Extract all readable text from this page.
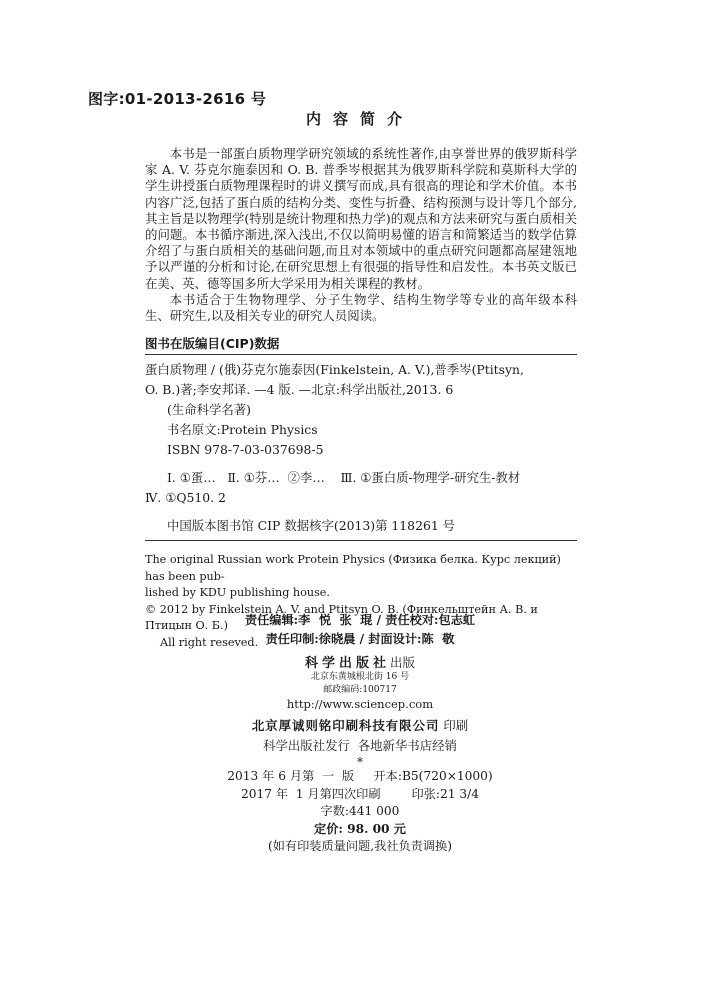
图字:01-2013-2616 号
内容简介

本书是一部蛋白质物理学研究领域的系统性著作,由享誉世界的俄罗斯科学家 A. V. 芬克尔施泰因和 O. B. 普季岑根据其为俄罗斯科学院和莫斯科大学的学生讲授蛋白质物理课程时的讲义撰写而成,具有很高的理论和学术价值。本书内容广泛,包括了蛋白质的结构分类、变性与折叠、结构预测与设计等几个部分,其主旨是以物理学(特别是统计物理和热力学)的观点和方法来研究与蛋白质相关的问题。本书循序渐进,深入浅出,不仅以简明易懂的语言和简繁适当的数学估算介绍了与蛋白质相关的基础问题,而且对本领域中的重点研究问题都高屋建瓴地予以严谨的分析和讨论,在研究思想上有很强的指导性和启发性。本书英文版已在美、英、德等国多所大学采用为相关课程的教材。

本书适合于生物物理学、分子生物学、结构生物学等专业的高年级本科生、研究生,以及相关专业的研究人员阅读。

图书在版编目(CIP)数据
蛋白质物理 / (俄)芬克尔施泰因(Finkelstein, A. V.),普季岑(Ptitsyn,
O. B.)著;李安邦译. —4 版. —北京:科学出版社,2013. 6
(生命科学名著)
书名原文:Protein Physics
ISBN 978-7-03-037698-5
Ⅰ. ①蛋…   Ⅱ. ①芬…  ②李…    Ⅲ. ①蛋白质-物理学-研究生-教材
Ⅳ. ①Q510. 2
中国版本图书馆 CIP 数据核字(2013)第 118261 号

The original Russian work Protein Physics (Физика белка. Курс лекций) has been pub-

lished by KDU publishing house.

© 2012 by Finkelstein A. V. and Ptitsyn O. B. (Финкельштейн А. В. и Птицын О. Б.)

All right reseved.

责任编辑:李  悦  张  琨 / 责任校对:包志虹
责任印制:徐晓晨 / 封面设计:陈  敬
科学出版社出版
北京东黄城根北街 16 号
邮政编码:100717
http://www.sciencep.com
北京厚诚则铭印刷科技有限公司 印刷
科学出版社发行  各地新华书店经销
*
2013 年 6 月第  一  版     开本:B5(720×1000)
2017 年  1 月第四次印刷        印张:21 3/4
字数:441 000
定价: 98. 00 元
(如有印装质量问题,我社负责调换)
